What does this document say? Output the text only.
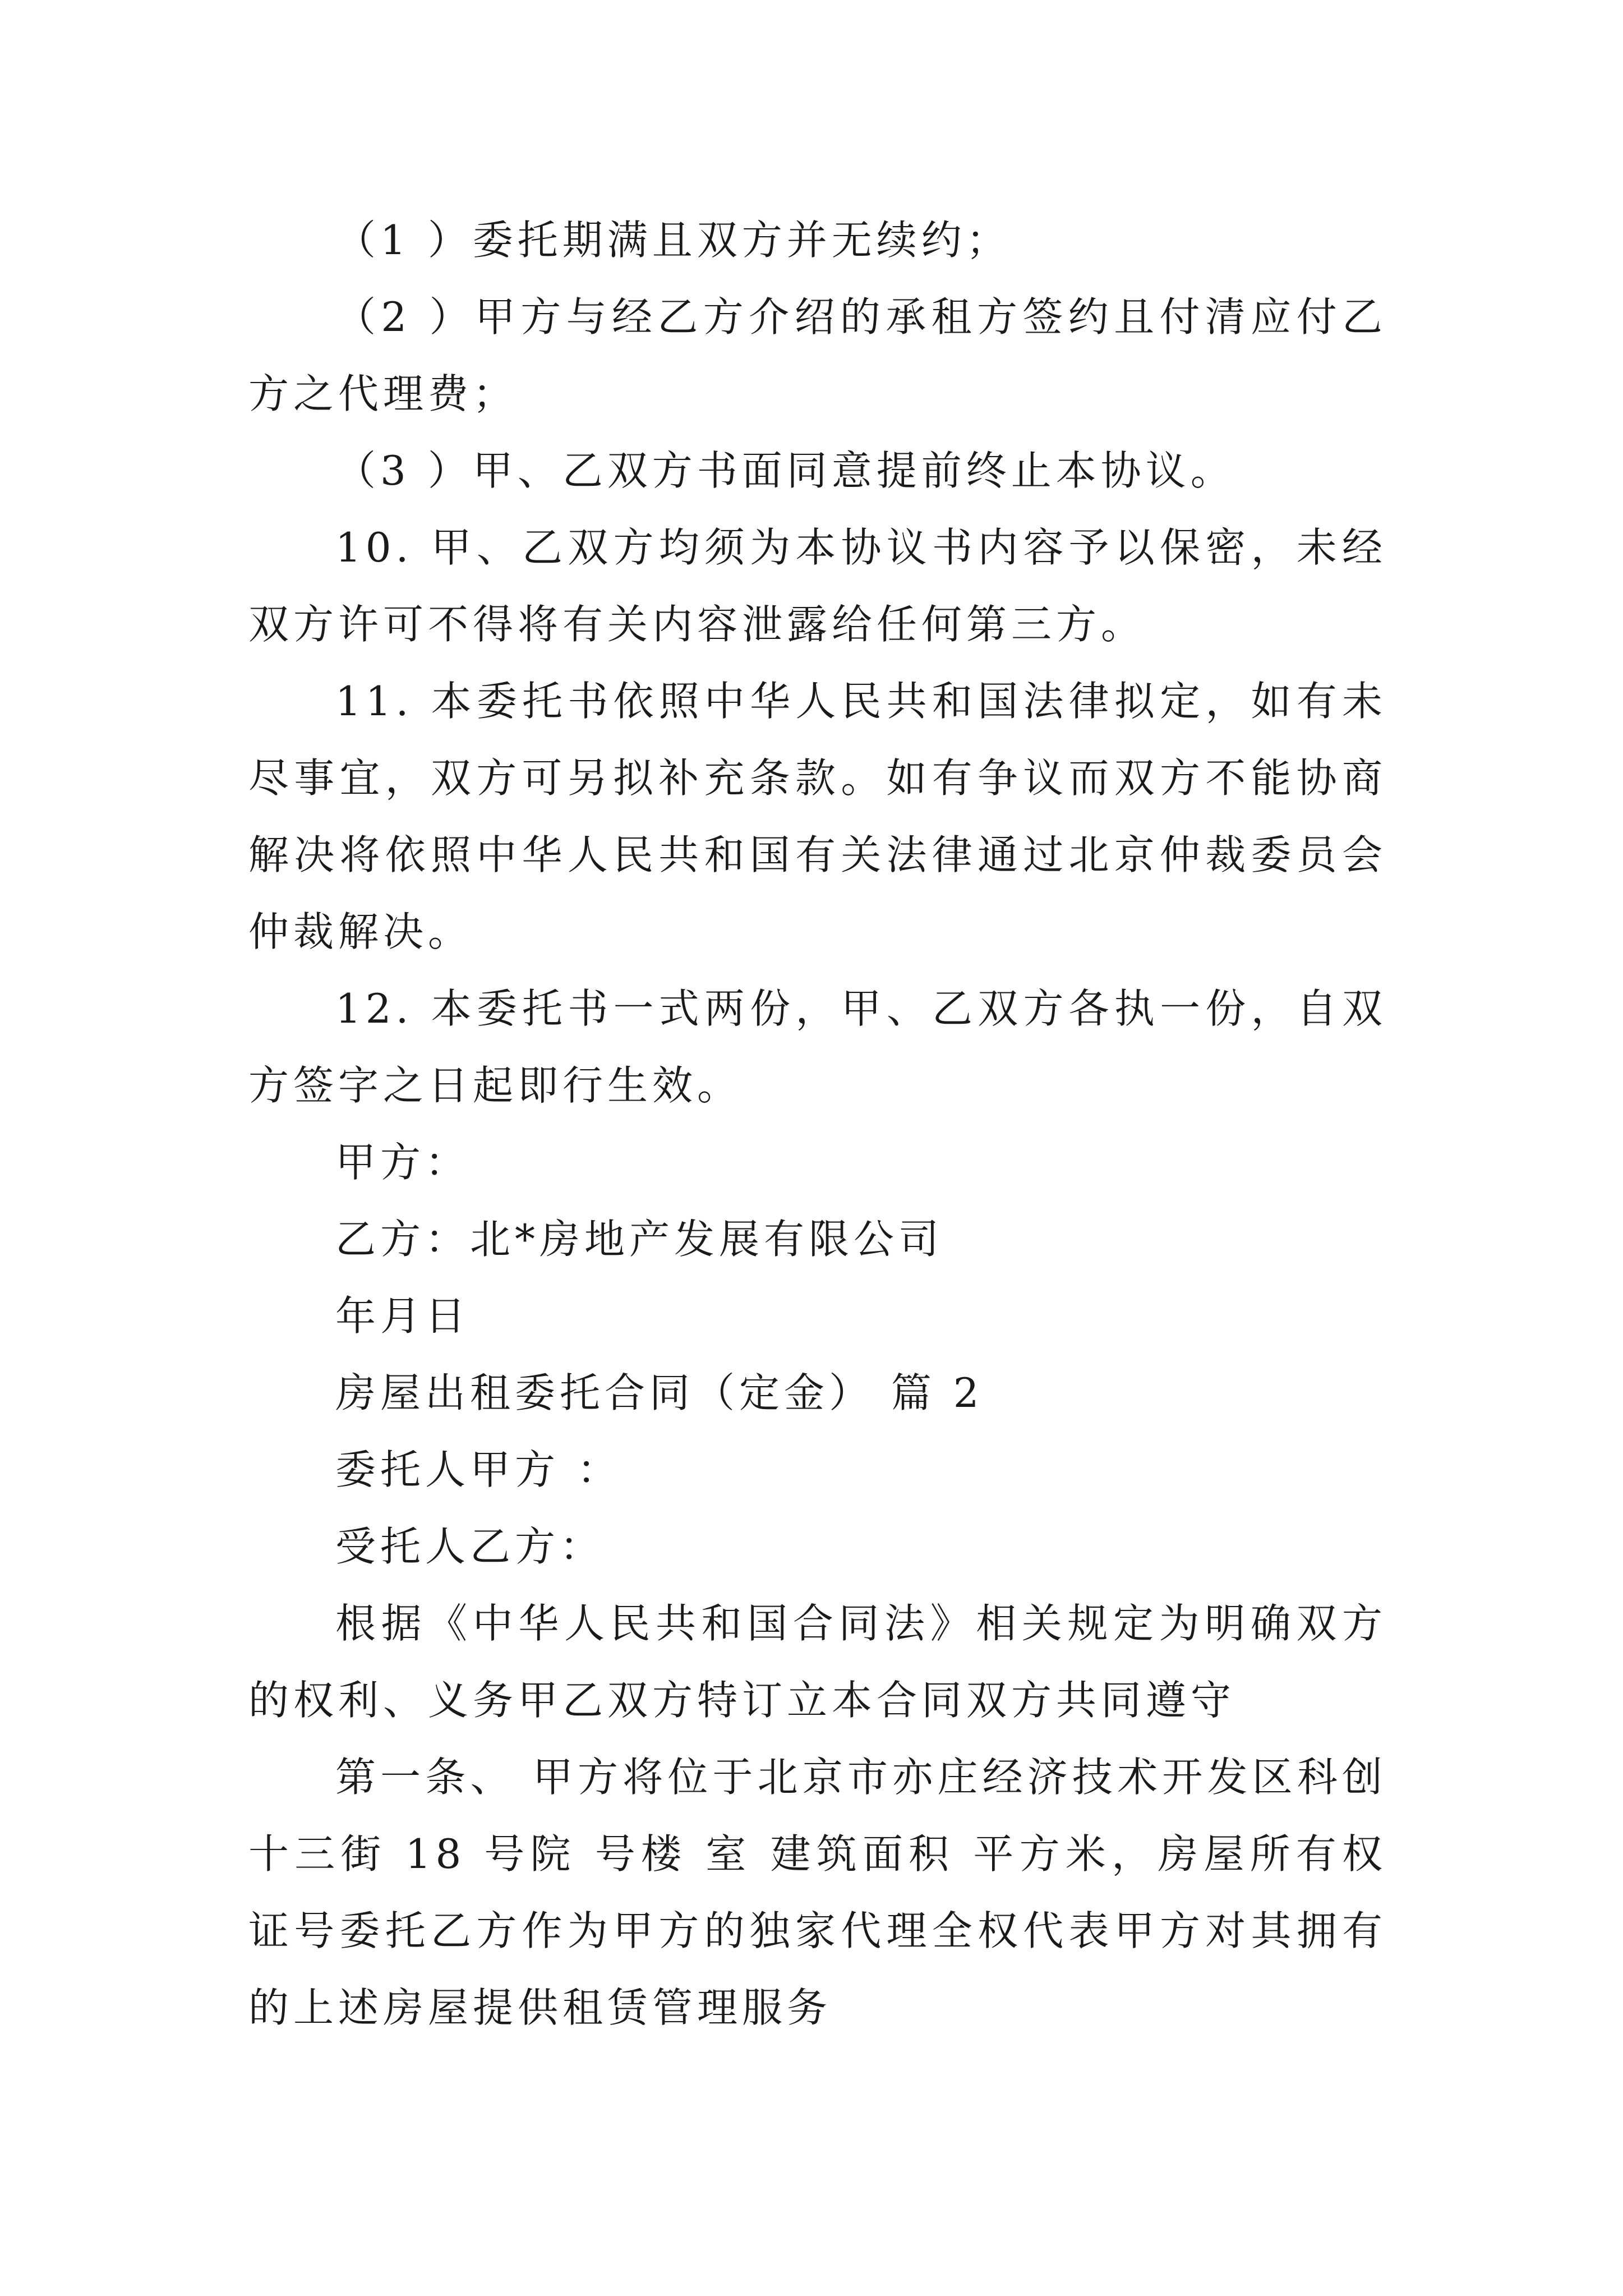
（1 ）委托期满且双方并无续约；

（2 ）甲方与经乙方介绍的承租方签约且付清应付乙方之代理费；

（3 ）甲、乙双方书面同意提前终止本协议。

10. 甲、乙双方均须为本协议书内容予以保密，未经双方许可不得将有关内容泄露给任何第三方。

11. 本委托书依照中华人民共和国法律拟定，如有未尽事宜，双方可另拟补充条款。如有争议而双方不能协商解决将依照中华人民共和国有关法律通过北京仲裁委员会仲裁解决。

12. 本委托书一式两份，甲、乙双方各执一份，自双方签字之日起即行生效。

甲方：

乙方：北*房地产发展有限公司

年月日

房屋出租委托合同（定金） 篇 2

委托人甲方 ：

受托人乙方：

根据《中华人民共和国合同法》相关规定为明确双方的权利、义务甲乙双方特订立本合同双方共同遵守

第一条、 甲方将位于北京市亦庄经济技术开发区科创十三街 18 号院 号楼 室 建筑面积 平方米，房屋所有权证号委托乙方作为甲方的独家代理全权代表甲方对其拥有的上述房屋提供租赁管理服务
